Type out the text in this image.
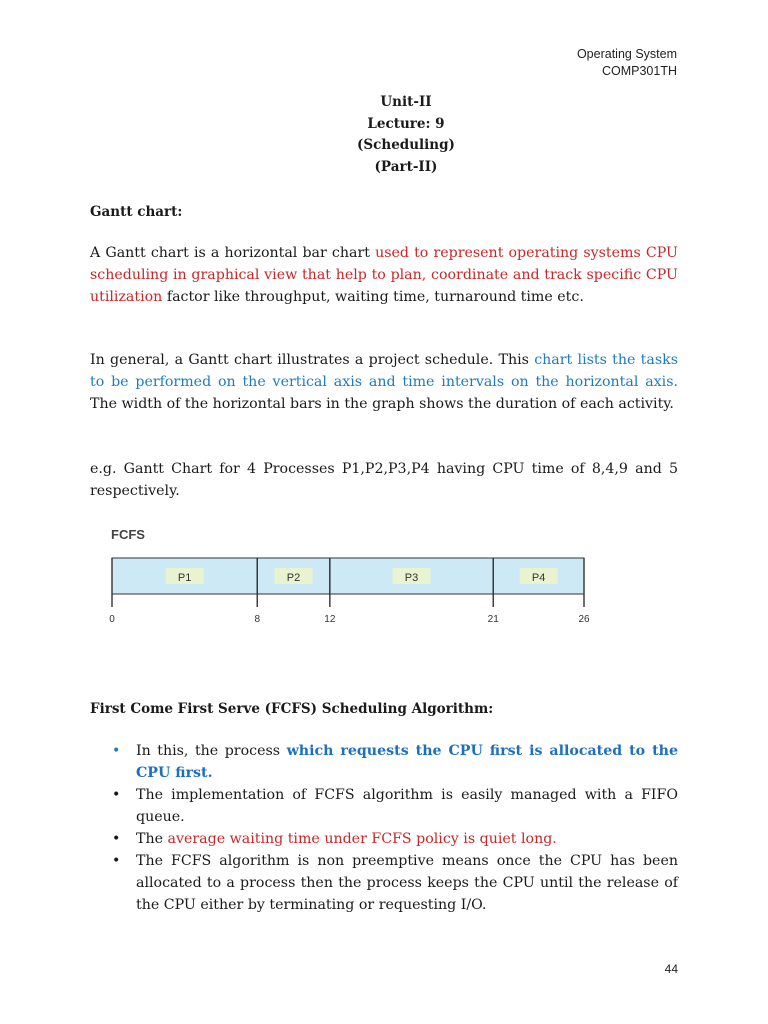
Operating System
COMP301TH
Unit-II
Lecture: 9
(Scheduling)
(Part-II)
Gantt chart:
A Gantt chart is a horizontal bar chart used to represent operating systems CPU scheduling in graphical view that help to plan, coordinate and track specific CPU utilization factor like throughput, waiting time, turnaround time etc.
In general, a Gantt chart illustrates a project schedule. This chart lists the tasks to be performed on the vertical axis and time intervals on the horizontal axis. The width of the horizontal bars in the graph shows the duration of each activity.
e.g. Gantt Chart for 4 Processes P1,P2,P3,P4 having CPU time of 8,4,9 and 5 respectively.
FCFS
P1	P2	P3	P4
0	8	12	21	26
First Come First Serve (FCFS) Scheduling Algorithm:
• In this, the process which requests the CPU first is allocated to the CPU first.
• The implementation of FCFS algorithm is easily managed with a FIFO queue.
• The average waiting time under FCFS policy is quiet long.
• The FCFS algorithm is non preemptive means once the CPU has been allocated to a process then the process keeps the CPU until the release of the CPU either by terminating or requesting I/O.
44
